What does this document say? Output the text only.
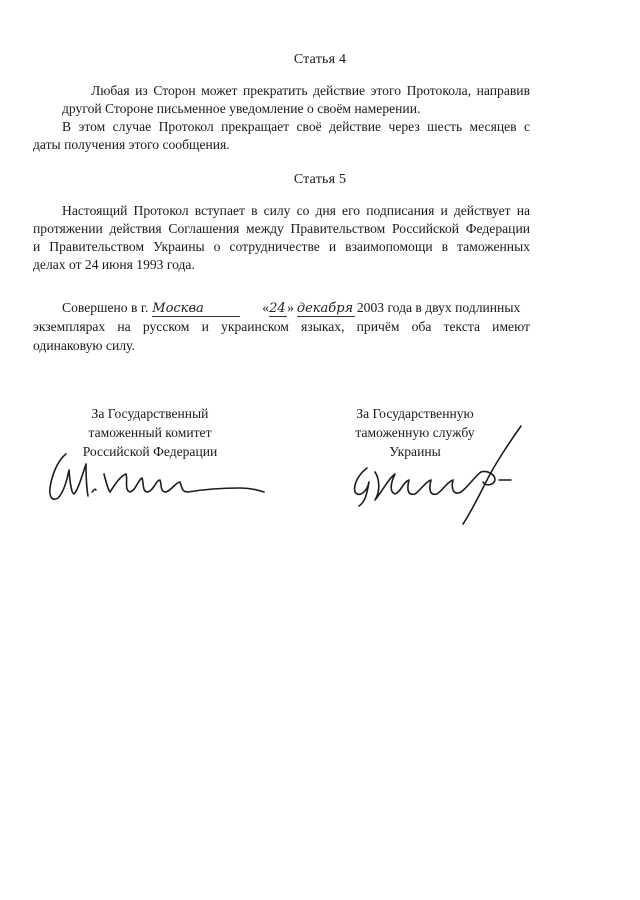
Статья 4
Любая из Сторон может прекратить действие этого Протокола, направив
другой Стороне письменное уведомление о своём намерении.
В этом случае Протокол прекращает своё действие через шесть месяцев с
даты получения этого сообщения.
Статья 5
Настоящий Протокол вступает в силу со дня его подписания и действует на
протяжении действия Соглашения между Правительством Российской Федерации
и Правительством Украины о сотрудничестве и взаимопомощи в таможенных
делах от 24 июня 1993 года.
Совершено в г. Москва	« 24 » декабря 2003 года в двух подлинных
экземплярах на русском и украинском языках, причём оба текста имеют
одинаковую силу.
За Государственный
таможенный комитет
Российской Федерации
За Государственную
таможенную службу
Украины
